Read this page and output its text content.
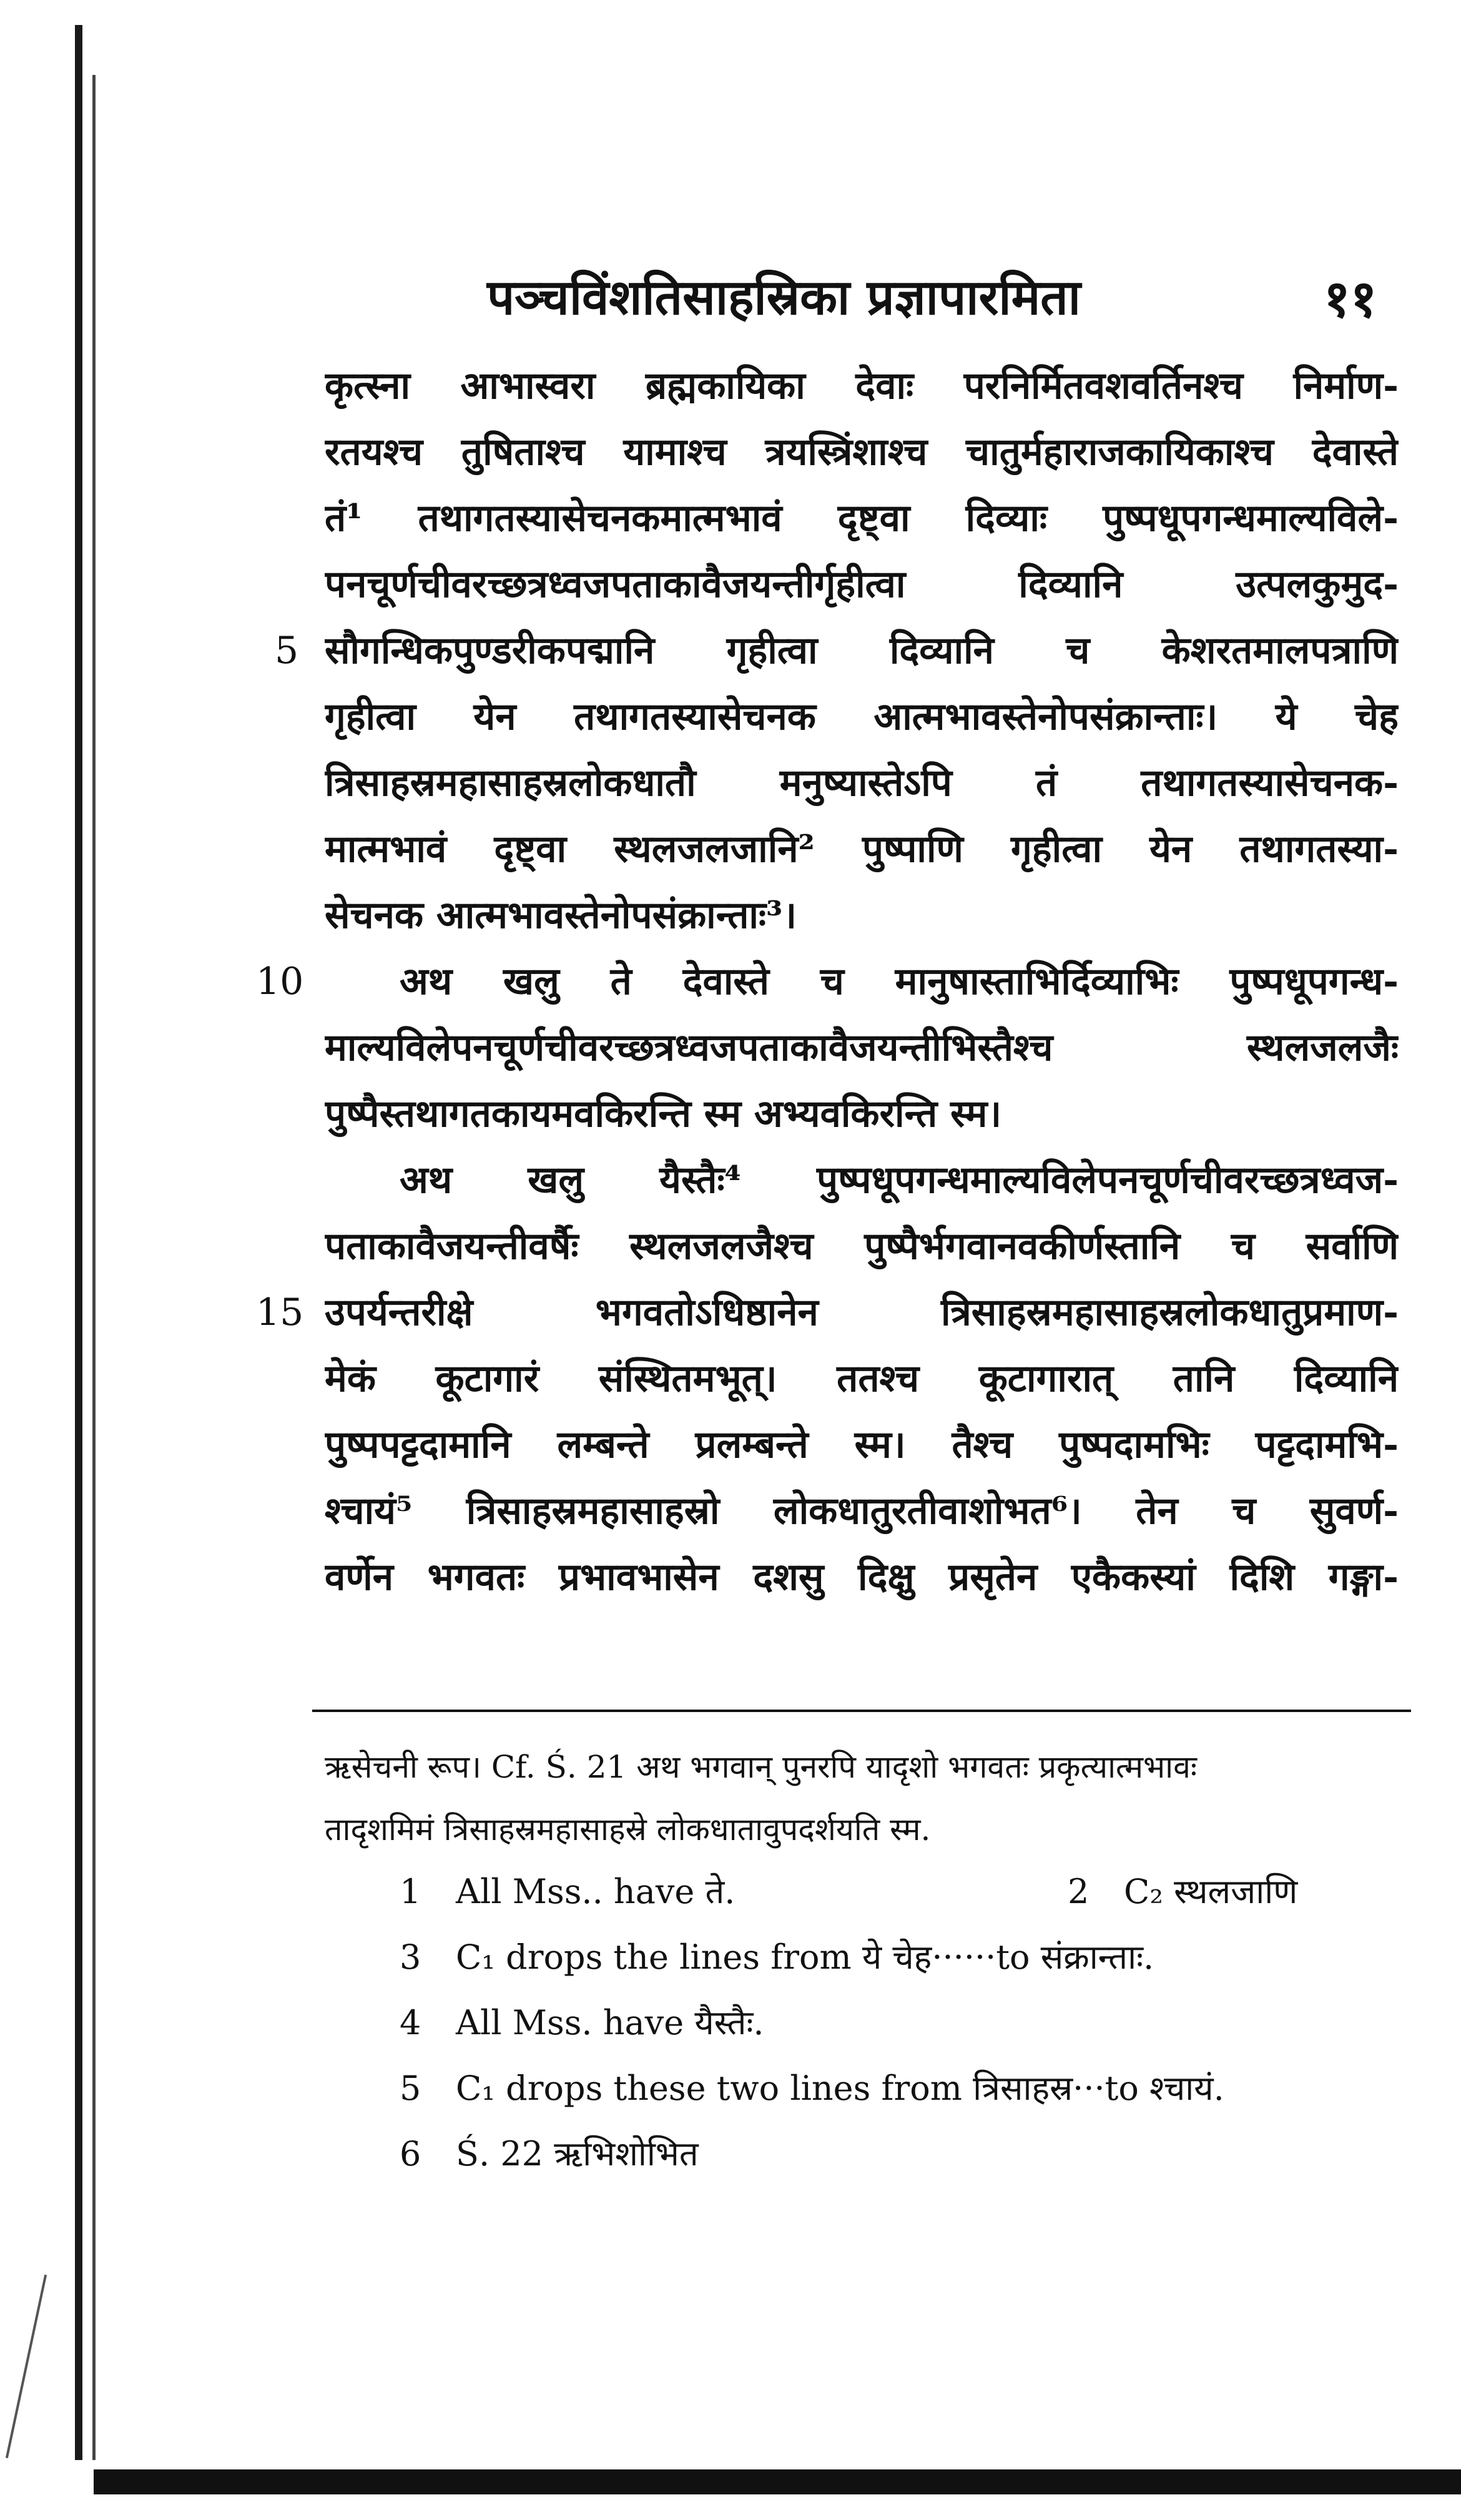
पञ्चविंशतिसाहस्रिका प्रज्ञापारमिता	११
कृत्स्ना आभास्वरा ब्रह्मकायिका देवाः परनिर्मितवशवर्तिनश्च निर्माण-
रतयश्च तुषिताश्च यामाश्च त्रयस्त्रिंशाश्च चातुर्महाराजकायिकाश्च देवास्ते
तं¹ तथागतस्यासेचनकमात्मभावं दृष्ट्वा दिव्याः पुष्पधूपगन्धमाल्यविले-
पनचूर्णचीवरच्छत्रध्वजपताकावैजयन्तीर्गृहीत्वा दिव्यानि उत्पलकुमुद-
सौगन्धिकपुण्डरीकपद्मानि गृहीत्वा दिव्यानि च केशरतमालपत्राणि
गृहीत्वा येन तथागतस्यासेचनक आत्मभावस्तेनोपसंक्रान्ताः। ये चेह
त्रिसाहस्रमहासाहस्रलोकधातौ मनुष्यास्तेऽपि तं तथागतस्यासेचनक-
मात्मभावं दृष्ट्वा स्थलजलजानि² पुष्पाणि गृहीत्वा येन तथागतस्या-
सेचनक आत्मभावस्तेनोपसंक्रान्ताः³।
अथ खलु ते देवास्ते च मानुषास्ताभिर्दिव्याभिः पुष्पधूपगन्ध-
माल्यविलेपनचूर्णचीवरच्छत्रध्वजपताकावैजयन्तीभिस्तैश्च स्थलजलजैः
पुष्पैस्तथागतकायमवकिरन्ति स्म अभ्यवकिरन्ति स्म।
अथ खलु यैस्तैः⁴ पुष्पधूपगन्धमाल्यविलेपनचूर्णचीवरच्छत्रध्वज-
पताकावैजयन्तीवर्षैः स्थलजलजैश्च पुष्पैर्भगवानवकीर्णस्तानि च सर्वाणि
उपर्यन्तरीक्षे भगवतोऽधिष्ठानेन त्रिसाहस्रमहासाहस्रलोकधातुप्रमाण-
मेकं कूटागारं संस्थितमभूत्। ततश्च कूटागारात् तानि दिव्यानि
पुष्पपट्टदामानि लम्बन्ते प्रलम्बन्ते स्म। तैश्च पुष्पदामभिः पट्टदामभि-
श्चायं⁵ त्रिसाहस्रमहासाहस्रो लोकधातुरतीवाशोभत⁶। तेन च सुवर्ण-
वर्णेन भगवतः प्रभावभासेन दशसु दिक्षु प्रसृतेन एकैकस्यां दिशि गङ्गा-
5
10
15
ऋसेचनी रूप। Cf. Ś. 21 अथ भगवान् पुनरपि यादृशो भगवतः प्रकृत्यात्मभावः
तादृशमिमं त्रिसाहस्रमहासाहस्रे लोकधातावुपदर्शयति स्म.
1 All Mss.. have ते.	2 C₂ स्थलजाणि
3 C₁ drops the lines from ये चेह······to संक्रान्ताः.
4 All Mss. have यैस्तैः.
5 C₁ drops these two lines from त्रिसाहस्र···to श्चायं.
6 Ś. 22 ऋभिशोभित
